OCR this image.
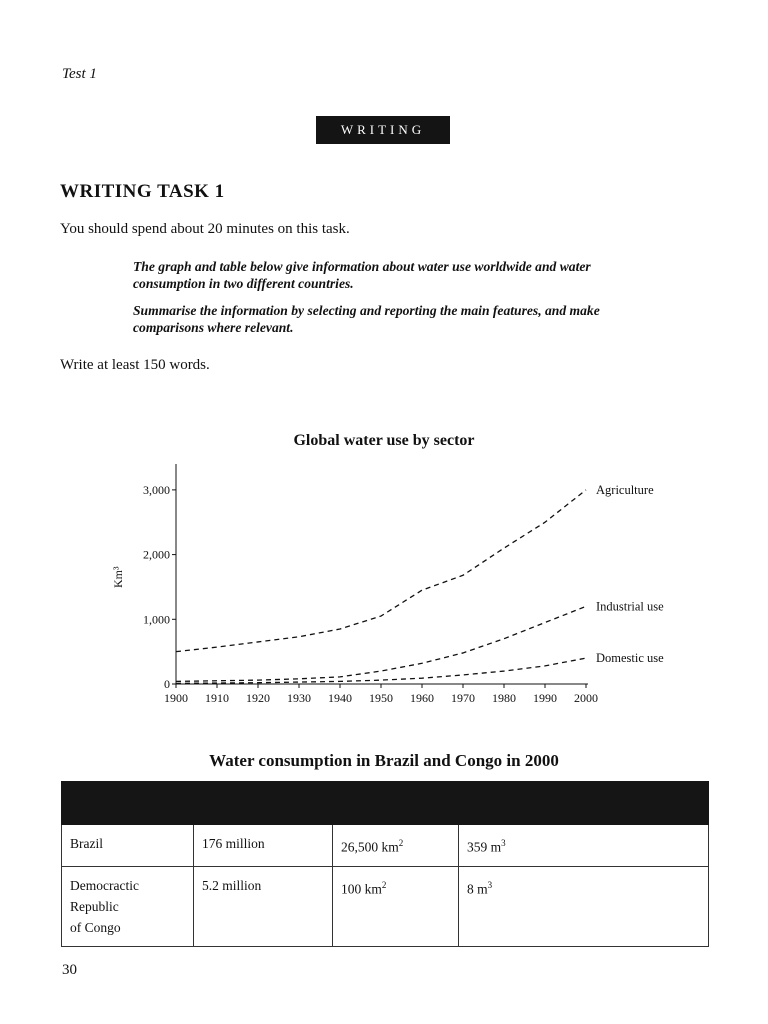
Test 1
WRITING
WRITING TASK 1
You should spend about 20 minutes on this task.
The graph and table below give information about water use worldwide and water consumption in two different countries.
Summarise the information by selecting and reporting the main features, and make comparisons where relevant.
Write at least 150 words.
Global water use by sector
0
1,000
2,000
3,000
1900 1910 1920 1930 1940 1950 1960 1970 1980 1990 2000
Km³
Agriculture
Industrial use
Domestic use
Water consumption in Brazil and Congo in 2000

Brazil	176 million	26,500 $km^2$	359 $m^3$

Democractic
Republic
of Congo	5.2 million	100 $km^2$	8 $m^3$
30
